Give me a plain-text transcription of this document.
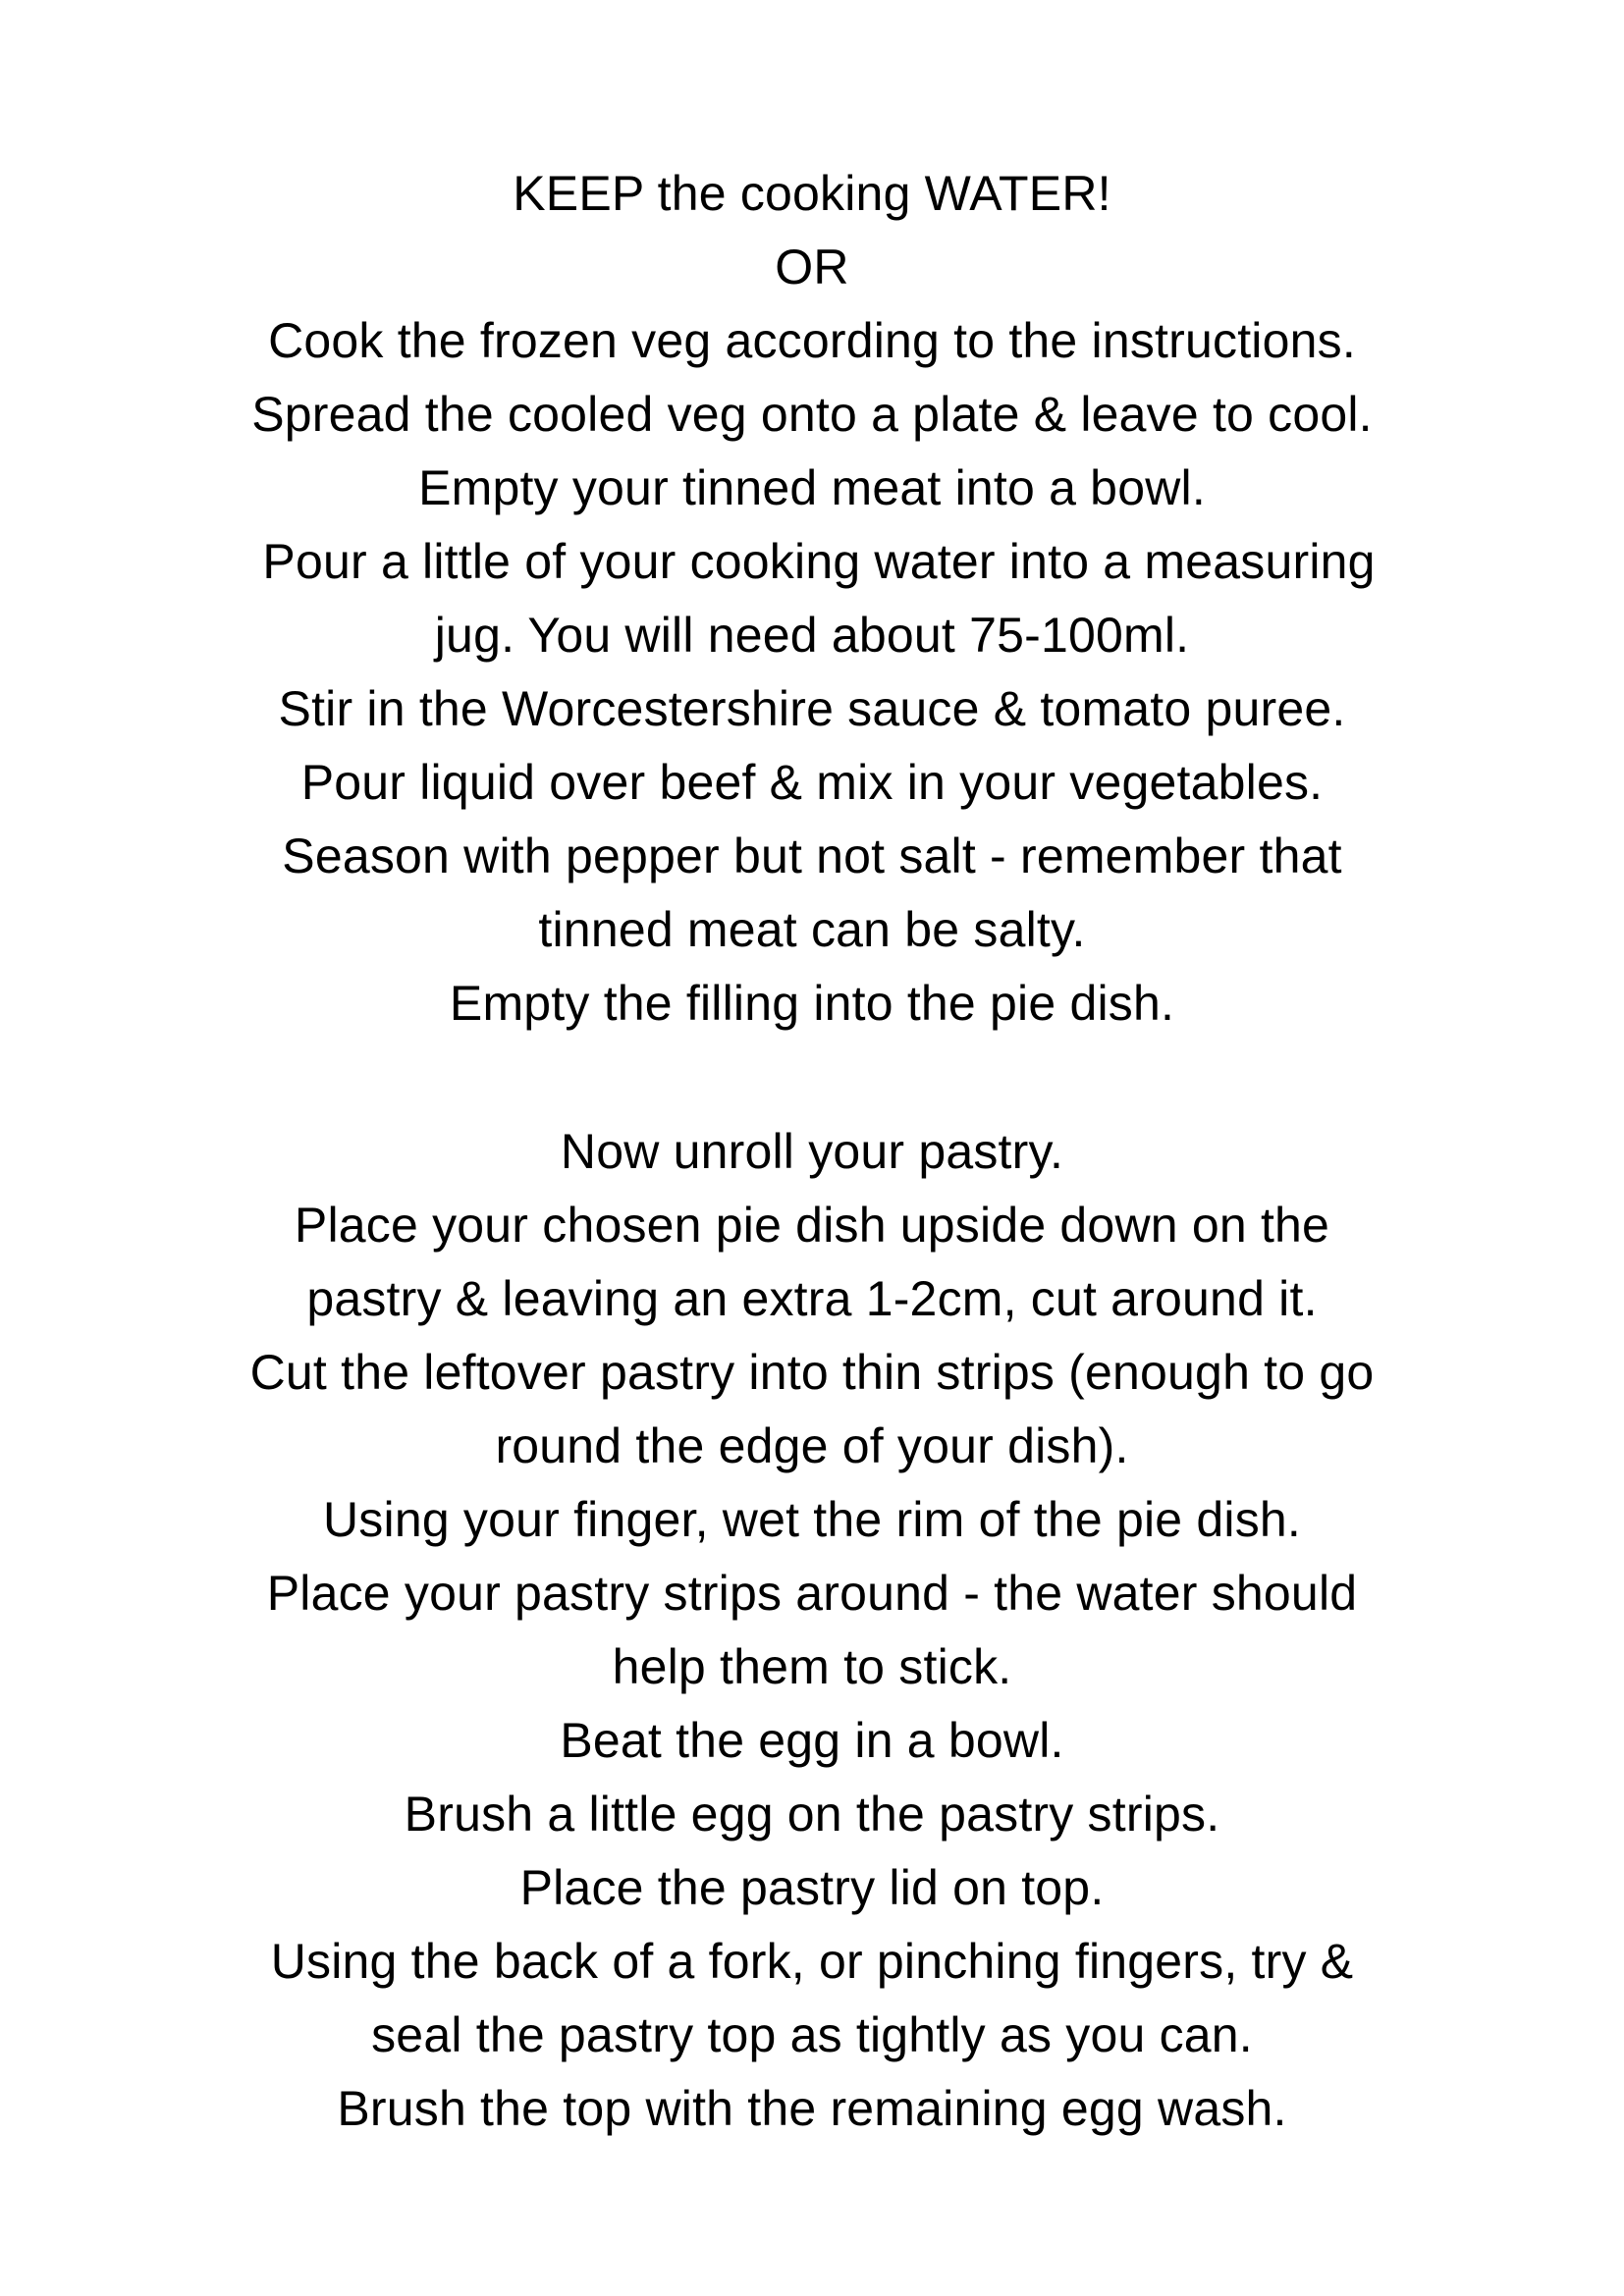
KEEP the cooking WATER!
OR
Cook the frozen veg according to the instructions.
Spread the cooled veg onto a plate & leave to cool.
Empty your tinned meat into a bowl.
Pour a little of your cooking water into a measuring
jug. You will need about 75-100ml.
Stir in the Worcestershire sauce & tomato puree.
Pour liquid over beef & mix in your vegetables.
Season with pepper but not salt - remember that
tinned meat can be salty.
Empty the filling into the pie dish.
Now unroll your pastry.
Place your chosen pie dish upside down on the
pastry & leaving an extra 1-2cm, cut around it.
Cut the leftover pastry into thin strips (enough to go
round the edge of your dish).
Using your finger, wet the rim of the pie dish.
Place your pastry strips around - the water should
help them to stick.
Beat the egg in a bowl.
Brush a little egg on the pastry strips.
Place the pastry lid on top.
Using the back of a fork, or pinching fingers, try &
seal the pastry top as tightly as you can.
Brush the top with the remaining egg wash.
